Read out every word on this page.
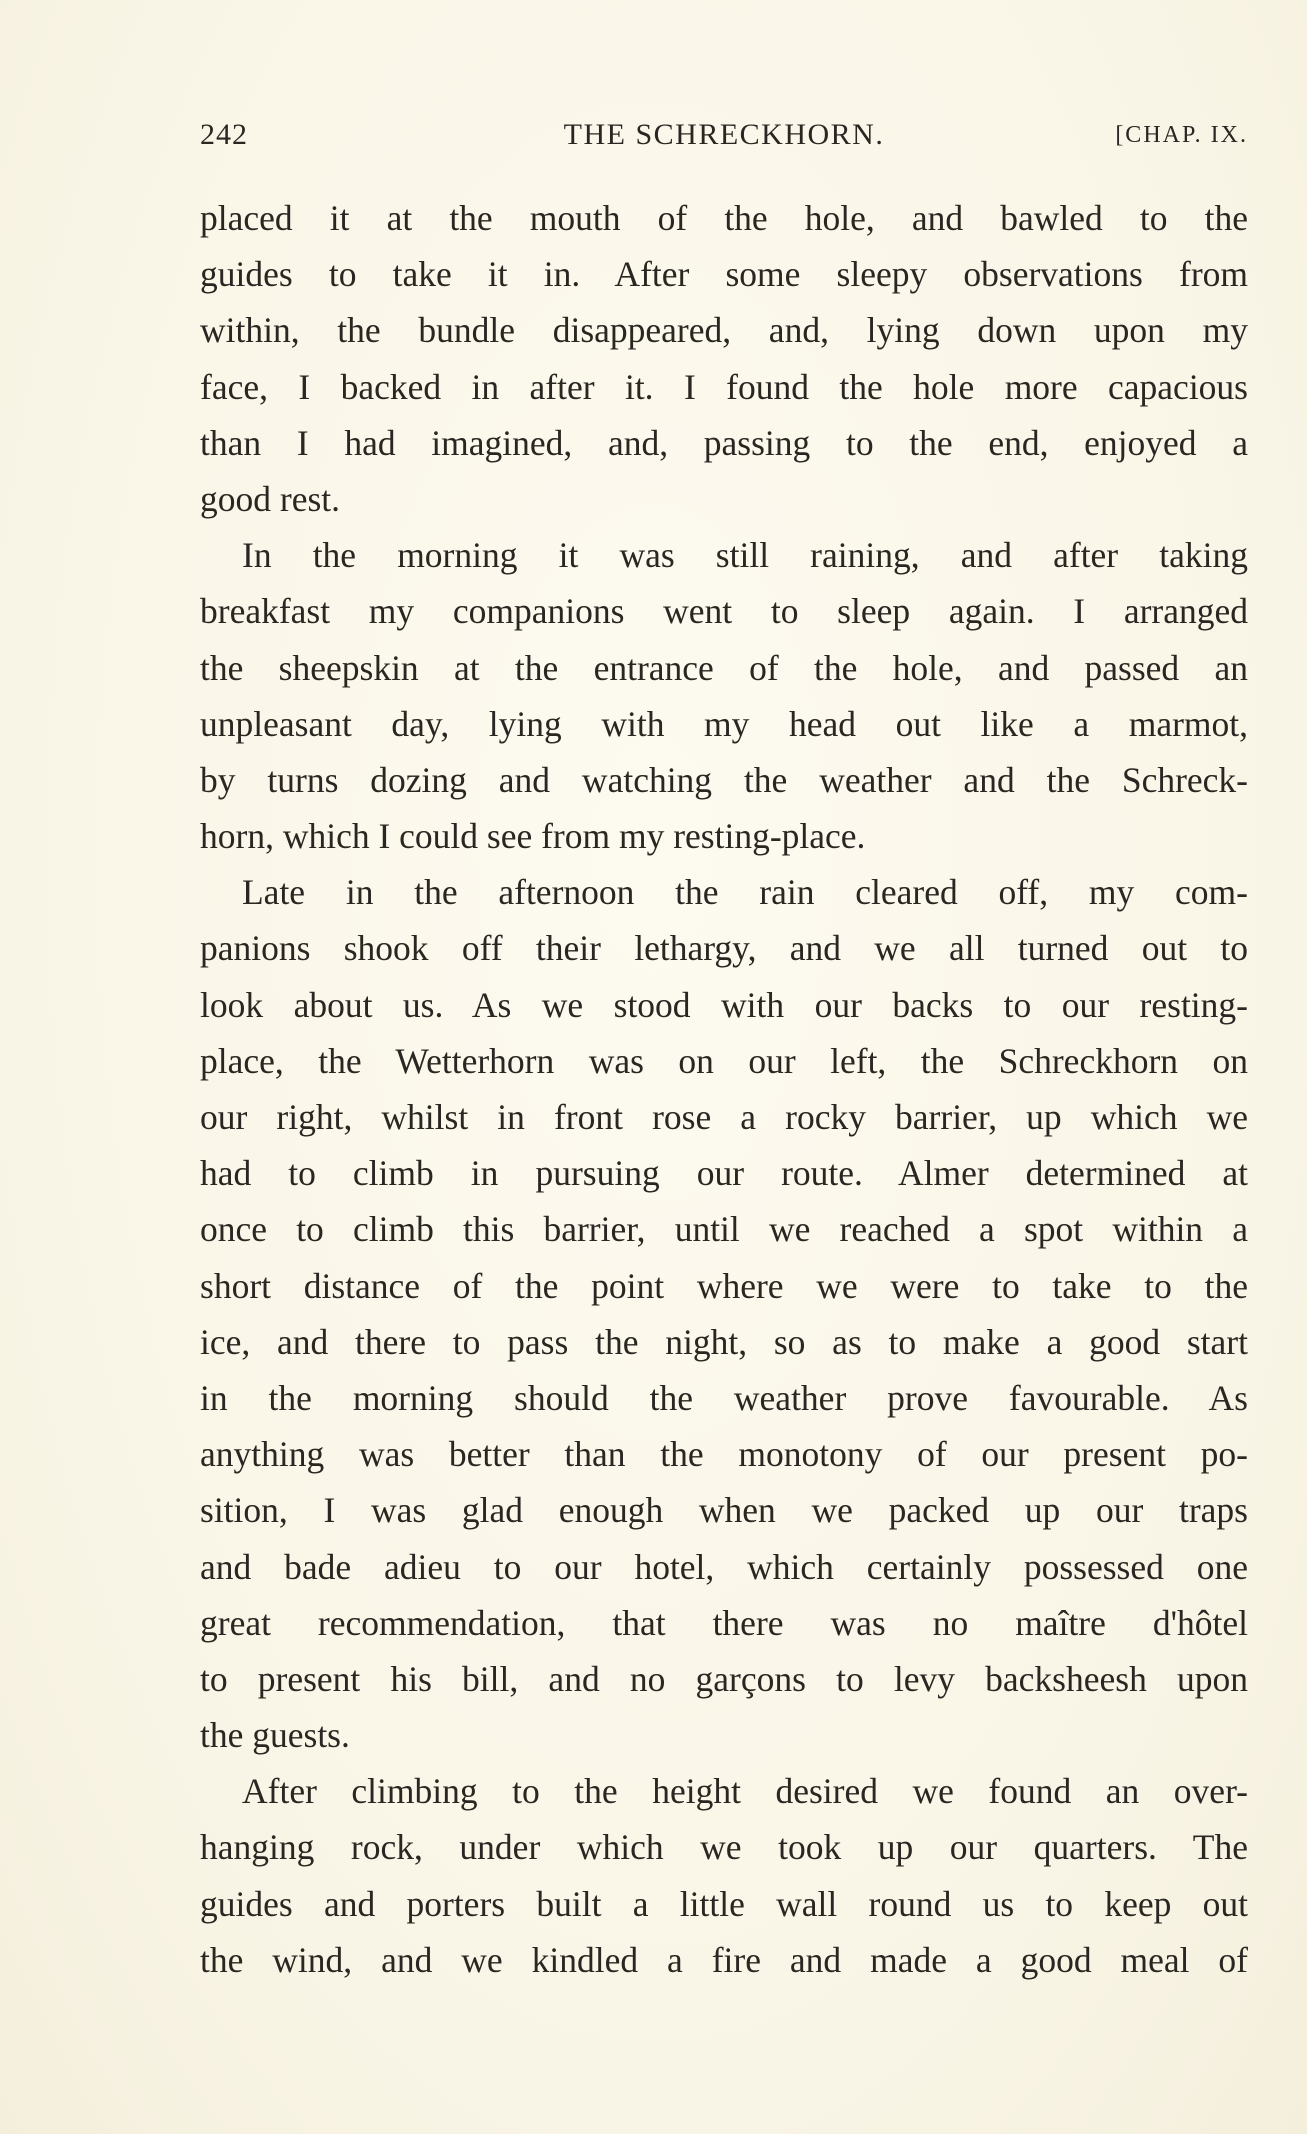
242	THE SCHRECKHORN.	[CHAP. IX.
placed it at the mouth of the hole, and bawled to the
guides to take it in. After some sleepy observations from
within, the bundle disappeared, and, lying down upon my
face, I backed in after it. I found the hole more capacious
than I had imagined, and, passing to the end, enjoyed a
good rest.
In the morning it was still raining, and after taking
breakfast my companions went to sleep again. I arranged
the sheepskin at the entrance of the hole, and passed an
unpleasant day, lying with my head out like a marmot,
by turns dozing and watching the weather and the Schreck-
horn, which I could see from my resting-place.
Late in the afternoon the rain cleared off, my com-
panions shook off their lethargy, and we all turned out to
look about us. As we stood with our backs to our resting-
place, the Wetterhorn was on our left, the Schreckhorn on
our right, whilst in front rose a rocky barrier, up which we
had to climb in pursuing our route. Almer determined at
once to climb this barrier, until we reached a spot within a
short distance of the point where we were to take to the
ice, and there to pass the night, so as to make a good start
in the morning should the weather prove favourable. As
anything was better than the monotony of our present po-
sition, I was glad enough when we packed up our traps
and bade adieu to our hotel, which certainly possessed one
great recommendation, that there was no maître d'hôtel
to present his bill, and no garçons to levy backsheesh upon
the guests.
After climbing to the height desired we found an over-
hanging rock, under which we took up our quarters. The
guides and porters built a little wall round us to keep out
the wind, and we kindled a fire and made a good meal of
